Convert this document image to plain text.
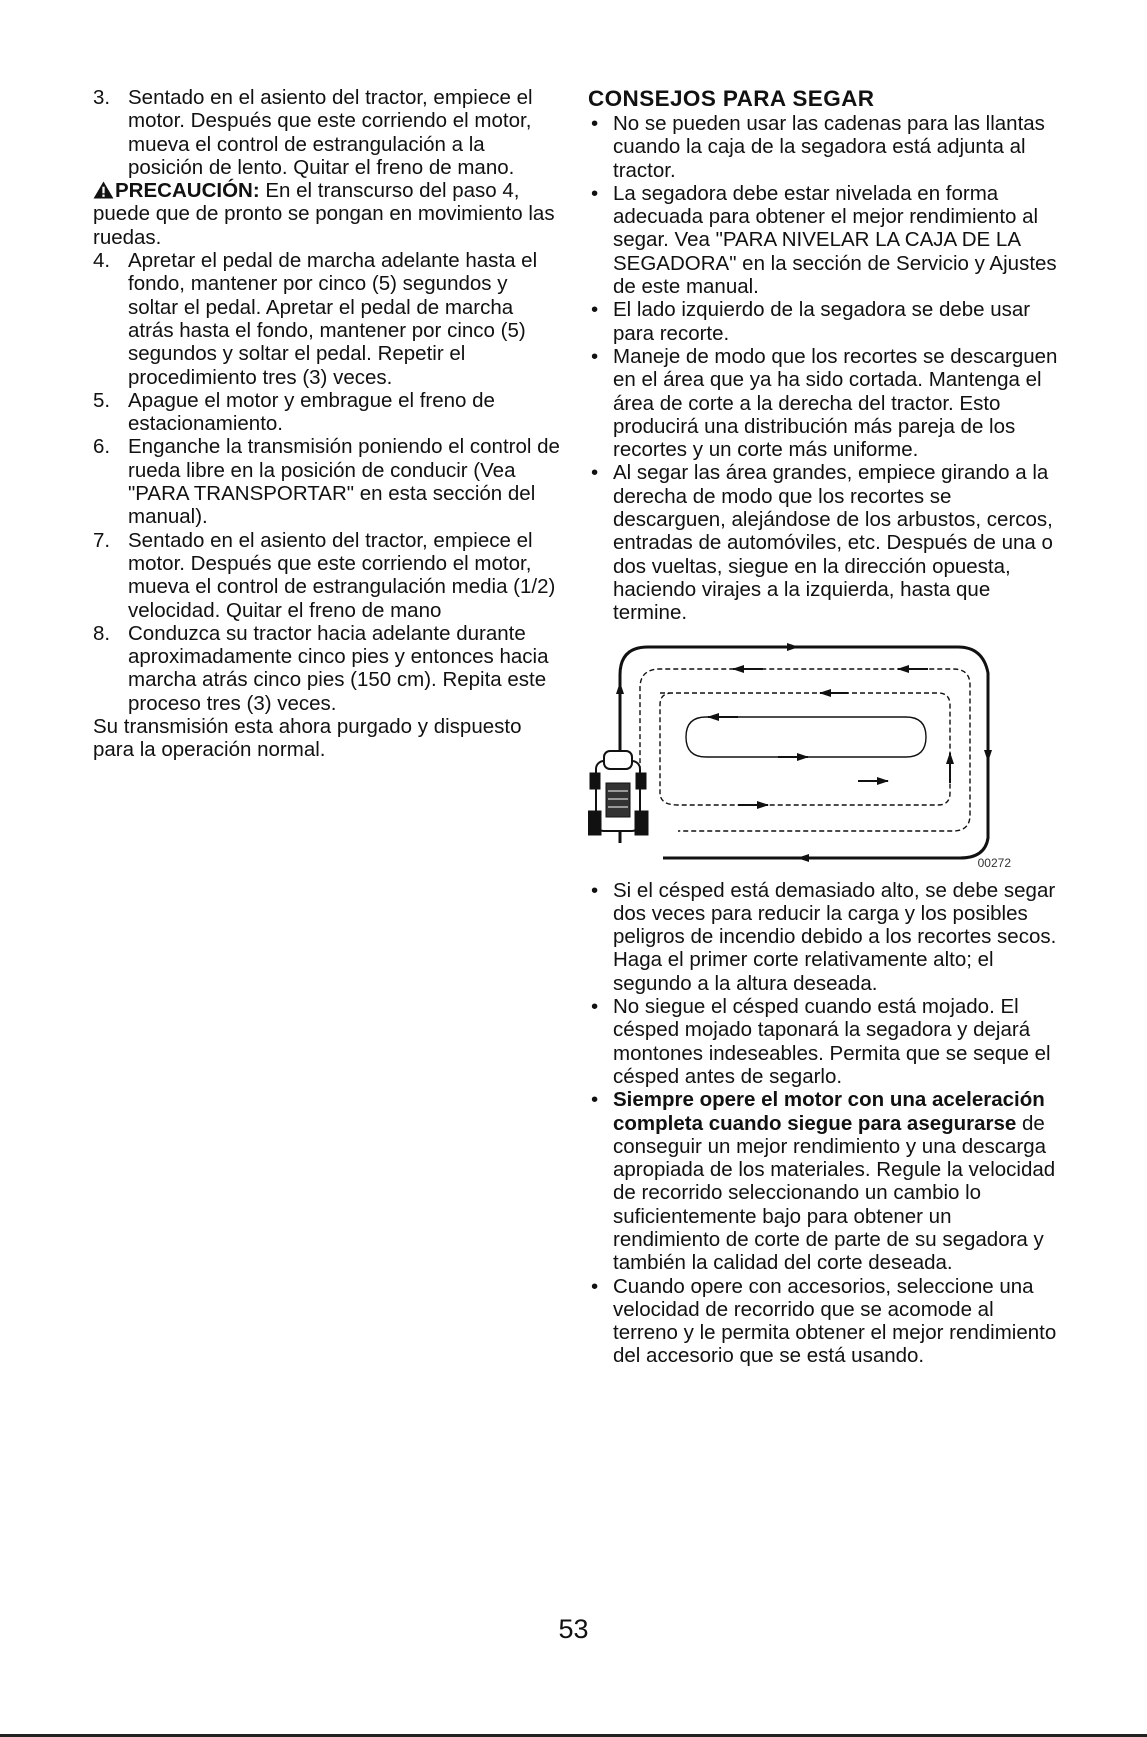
3. Sentado en el asiento del tractor, empiece el motor. Después que este corriendo el motor, mueva el control de estrangulación a la posición de lento. Quitar el freno de mano.

PRECAUCIÓN: En el transcurso del paso 4, puede que de pronto se pongan en movimiento las ruedas.

4. Apretar el pedal de marcha adelante hasta el fondo, mantener por cinco (5) segundos y soltar el pedal. Apretar el pedal de marcha atrás hasta el fondo, mantener por cinco (5) segundos y soltar el pedal. Repetir el procedimiento tres (3) veces.
5. Apague el motor y embrague el freno de estacionamiento.
6. Enganche la transmisión poniendo el control de rueda libre en la posición de conducir (Vea "PARA TRANSPORTAR" en esta sección del manual).
7. Sentado en el asiento del tractor, empiece el motor. Después que este corriendo el motor, mueva el control de estrangulación media (1/2) velocidad. Quitar el freno de mano
8. Conduzca su tractor hacia adelante durante aproximadamente cinco pies y entonces hacia marcha atrás cinco pies (150 cm). Repita este proceso tres (3) veces.

Su transmisión esta ahora purgado y dispuesto para la operación normal.

CONSEJOS PARA SEGAR
• No se pueden usar las cadenas para las llantas cuando la caja de la segadora está adjunta al tractor.
• La segadora debe estar nivelada en forma adecuada para obtener el mejor rendimiento al segar. Vea "PARA NIVELAR LA CAJA DE LA SEGADORA" en la sección de Servicio y Ajustes de este manual.
• El lado izquierdo de la segadora se debe usar para recorte.
• Maneje de modo que los recortes se descarguen en el área que ya ha sido cortada. Mantenga el área de corte a la derecha del tractor. Esto producirá una distribución más pareja de los recortes y un corte más uniforme.
• Al segar las área grandes, empiece girando a la derecha de modo que los recortes se descarguen, alejándose de los arbustos, cercos, entradas de automóviles, etc. Después de una o dos vueltas, siegue en la dirección opuesta, haciendo virajes a la izquierda, hasta que termine.
00272
• Si el césped está demasiado alto, se debe segar dos veces para reducir la carga y los posibles peligros de incendio debido a los recortes secos. Haga el primer corte relativamente alto; el segundo a la altura deseada.
• No siegue el césped cuando está mojado. El césped mojado taponará la segadora y dejará montones indeseables. Permita que se seque el césped antes de segarlo.
• Siempre opere el motor con una aceleración completa cuando siegue para asegurarse de conseguir un mejor rendimiento y una descarga apropiada de los materiales. Regule la velocidad de recorrido seleccionando un cambio lo suficientemente bajo para obtener un rendimiento de corte de parte de su segadora y también la calidad del corte deseada.
• Cuando opere con accesorios, seleccione una velocidad de recorrido que se acomode al terreno y le permita obtener el mejor rendimiento del accesorio que se está usando.
53
